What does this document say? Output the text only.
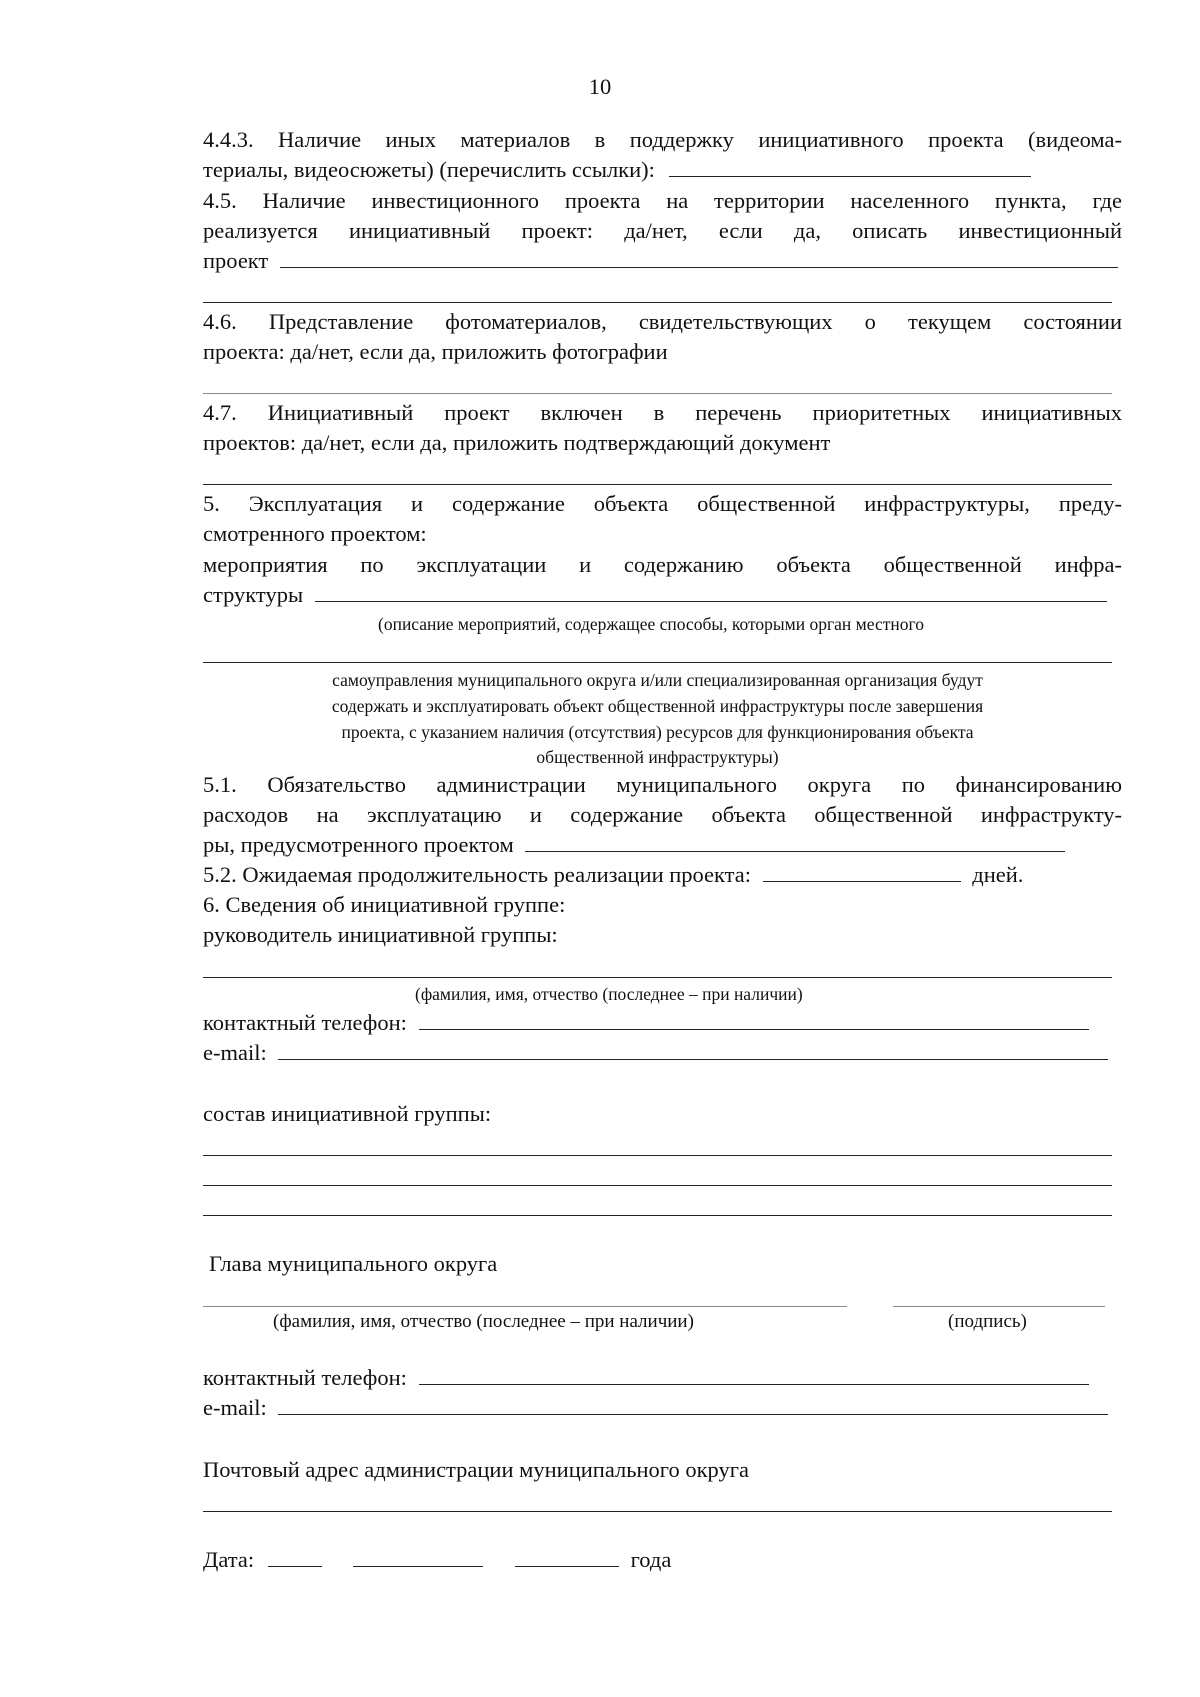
10
4.4.3. Наличие иных материалов в поддержку инициативного проекта (видеома-
териалы, видеосюжеты) (перечислить ссылки):
4.5. Наличие инвестиционного проекта на территории населенного пункта, где
реализуется инициативный проект: да/нет, если да, описать инвестиционный
проект
4.6. Представление фотоматериалов, свидетельствующих о текущем состоянии
проекта: да/нет, если да, приложить фотографии
4.7. Инициативный проект включен в перечень приоритетных инициативных
проектов: да/нет, если да, приложить подтверждающий документ
5. Эксплуатация и содержание объекта общественной инфраструктуры, преду-
смотренного проектом:
мероприятия по эксплуатации и содержанию объекта общественной инфра-
структуры
(описание мероприятий, содержащее способы, которыми орган местного
самоуправления муниципального округа и/или специализированная организация будут
содержать и эксплуатировать объект общественной инфраструктуры после завершения
проекта, с указанием наличия (отсутствия) ресурсов для функционирования объекта
общественной инфраструктуры)
5.1. Обязательство администрации муниципального округа по финансированию
расходов на эксплуатацию и содержание объекта общественной инфраструкту-
ры, предусмотренного проектом
5.2. Ожидаемая продолжительность реализации проекта:	дней.
6. Сведения об инициативной группе:
руководитель инициативной группы:
(фамилия, имя, отчество (последнее – при наличии)
контактный телефон:
e-mail:
состав инициативной группы:
Глава муниципального округа
(фамилия, имя, отчество (последнее – при наличии)	(подпись)
контактный телефон:
e-mail:
Почтовый адрес администрации муниципального округа
Дата:	года
